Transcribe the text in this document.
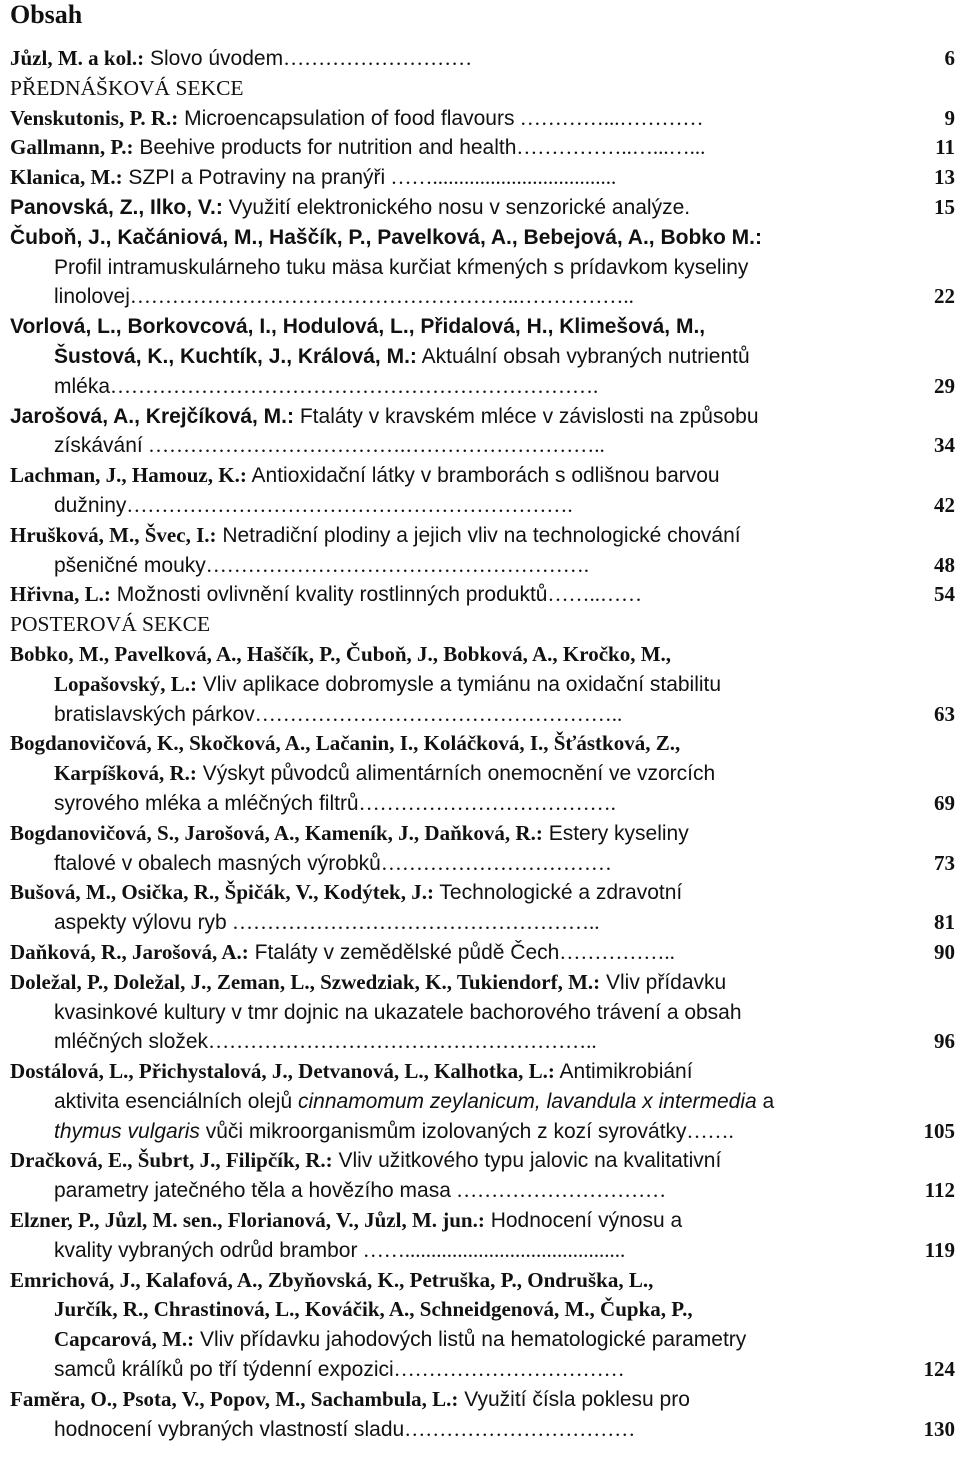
Obsah
Jůzl, M. a kol.: Slovo úvodem………………………	6
PŘEDNÁŠKOVÁ SEKCE
Venskutonis, P. R.: Microencapsulation of food flavours …………...…………	9
Gallmann, P.: Beehive products for nutrition and health……………..…...…...	11
Klanica, M.: SZPI a Potraviny na pranýři ……...................................	13
Panovská, Z., Ilko, V.: Využití elektronického nosu v senzorické analýze.	15
Čuboň, J., Kačániová, M., Haščík, P., Pavelková, A., Bebejová, A., Bobko M.:
Profil intramuskulárneho tuku mäsa kurčiat kŕmených s prídavkom kyseliny
linolovej………………………………………………..……………..	22
Vorlová, L., Borkovcová, I., Hodulová, L., Přidalová, H., Klimešová, M.,
Šustová, K., Kuchtík, J., Králová, M.: Aktuální obsah vybraných nutrientů
mléka…………………………………………………………….	29
Jarošová, A., Krejčíková, M.: Ftaláty v kravském mléce v závislosti na způsobu
získávání ……………………………….………………………..	34
Lachman, J., Hamouz, K.: Antioxidační látky v bramborách s odlišnou barvou
dužniny……………………………………………………….	42
Hrušková, M., Švec, I.: Netradiční plodiny a jejich vliv na technologické chování
pšeničné mouky……………………………………………….	48
Hřivna, L.: Možnosti ovlivnění kvality rostlinných produktů……..……	54
POSTEROVÁ SEKCE
Bobko, M., Pavelková, A., Haščík, P., Čuboň, J., Bobková, A., Kročko, M.,
Lopašovský, L.: Vliv aplikace dobromysle a tymiánu na oxidační stabilitu
bratislavských párkov……………………………………………..	63
Bogdanovičová, K., Skočková, A., Lačanin, I., Koláčková, I., Šťástková, Z.,
Karpíšková, R.: Výskyt původců alimentárních onemocnění ve vzorcích
syrového mléka a mléčných filtrů……………………………….	69
Bogdanovičová, S., Jarošová, A., Kameník, J., Daňková, R.: Estery kyseliny
ftalové v obalech masných výrobků……………………………	73
Bušová, M., Osička, R., Špičák, V., Kodýtek, J.: Technologické a zdravotní
aspekty výlovu ryb ……………………………………………..	81
Daňková, R., Jarošová, A.: Ftaláty v zemědělské půdě Čech……………..	90
Doležal, P., Doležal, J., Zeman, L., Szwedziak, K., Tukiendorf, M.: Vliv přídavku
kvasinkové kultury v tmr dojnic na ukazatele bachorového trávení a obsah
mléčných složek………………………………………………..	96
Dostálová, L., Přichystalová, J., Detvanová, L., Kalhotka, L.: Antimikrobiání
aktivita esenciálních olejů cinnamomum zeylanicum, lavandula x intermedia a
thymus vulgaris vůči mikroorganismům izolovaných z kozí syrovátky…….	105
Dračková, E., Šubrt, J., Filipčík, R.: Vliv užitkového typu jalovic na kvalitativní
parametry jatečného těla a hovězího masa …………………………	112
Elzner, P., Jůzl, M. sen., Florianová, V., Jůzl, M. jun.: Hodnocení výnosu a
kvality vybraných odrůd brambor ……..........................................	119
Emrichová, J., Kalafová, A., Zbyňovská, K., Petruška, P., Ondruška, L.,
Jurčík, R., Chrastinová, L., Kováčik, A., Schneidgenová, M., Čupka, P.,
Capcarová, M.: Vliv přídavku jahodových listů na hematologické parametry
samců králíků po tří týdenní expozici……………………………	124
Faměra, O., Psota, V., Popov, M., Sachambula, L.: Využití čísla poklesu pro
hodnocení vybraných vlastností sladu……………………………	130
